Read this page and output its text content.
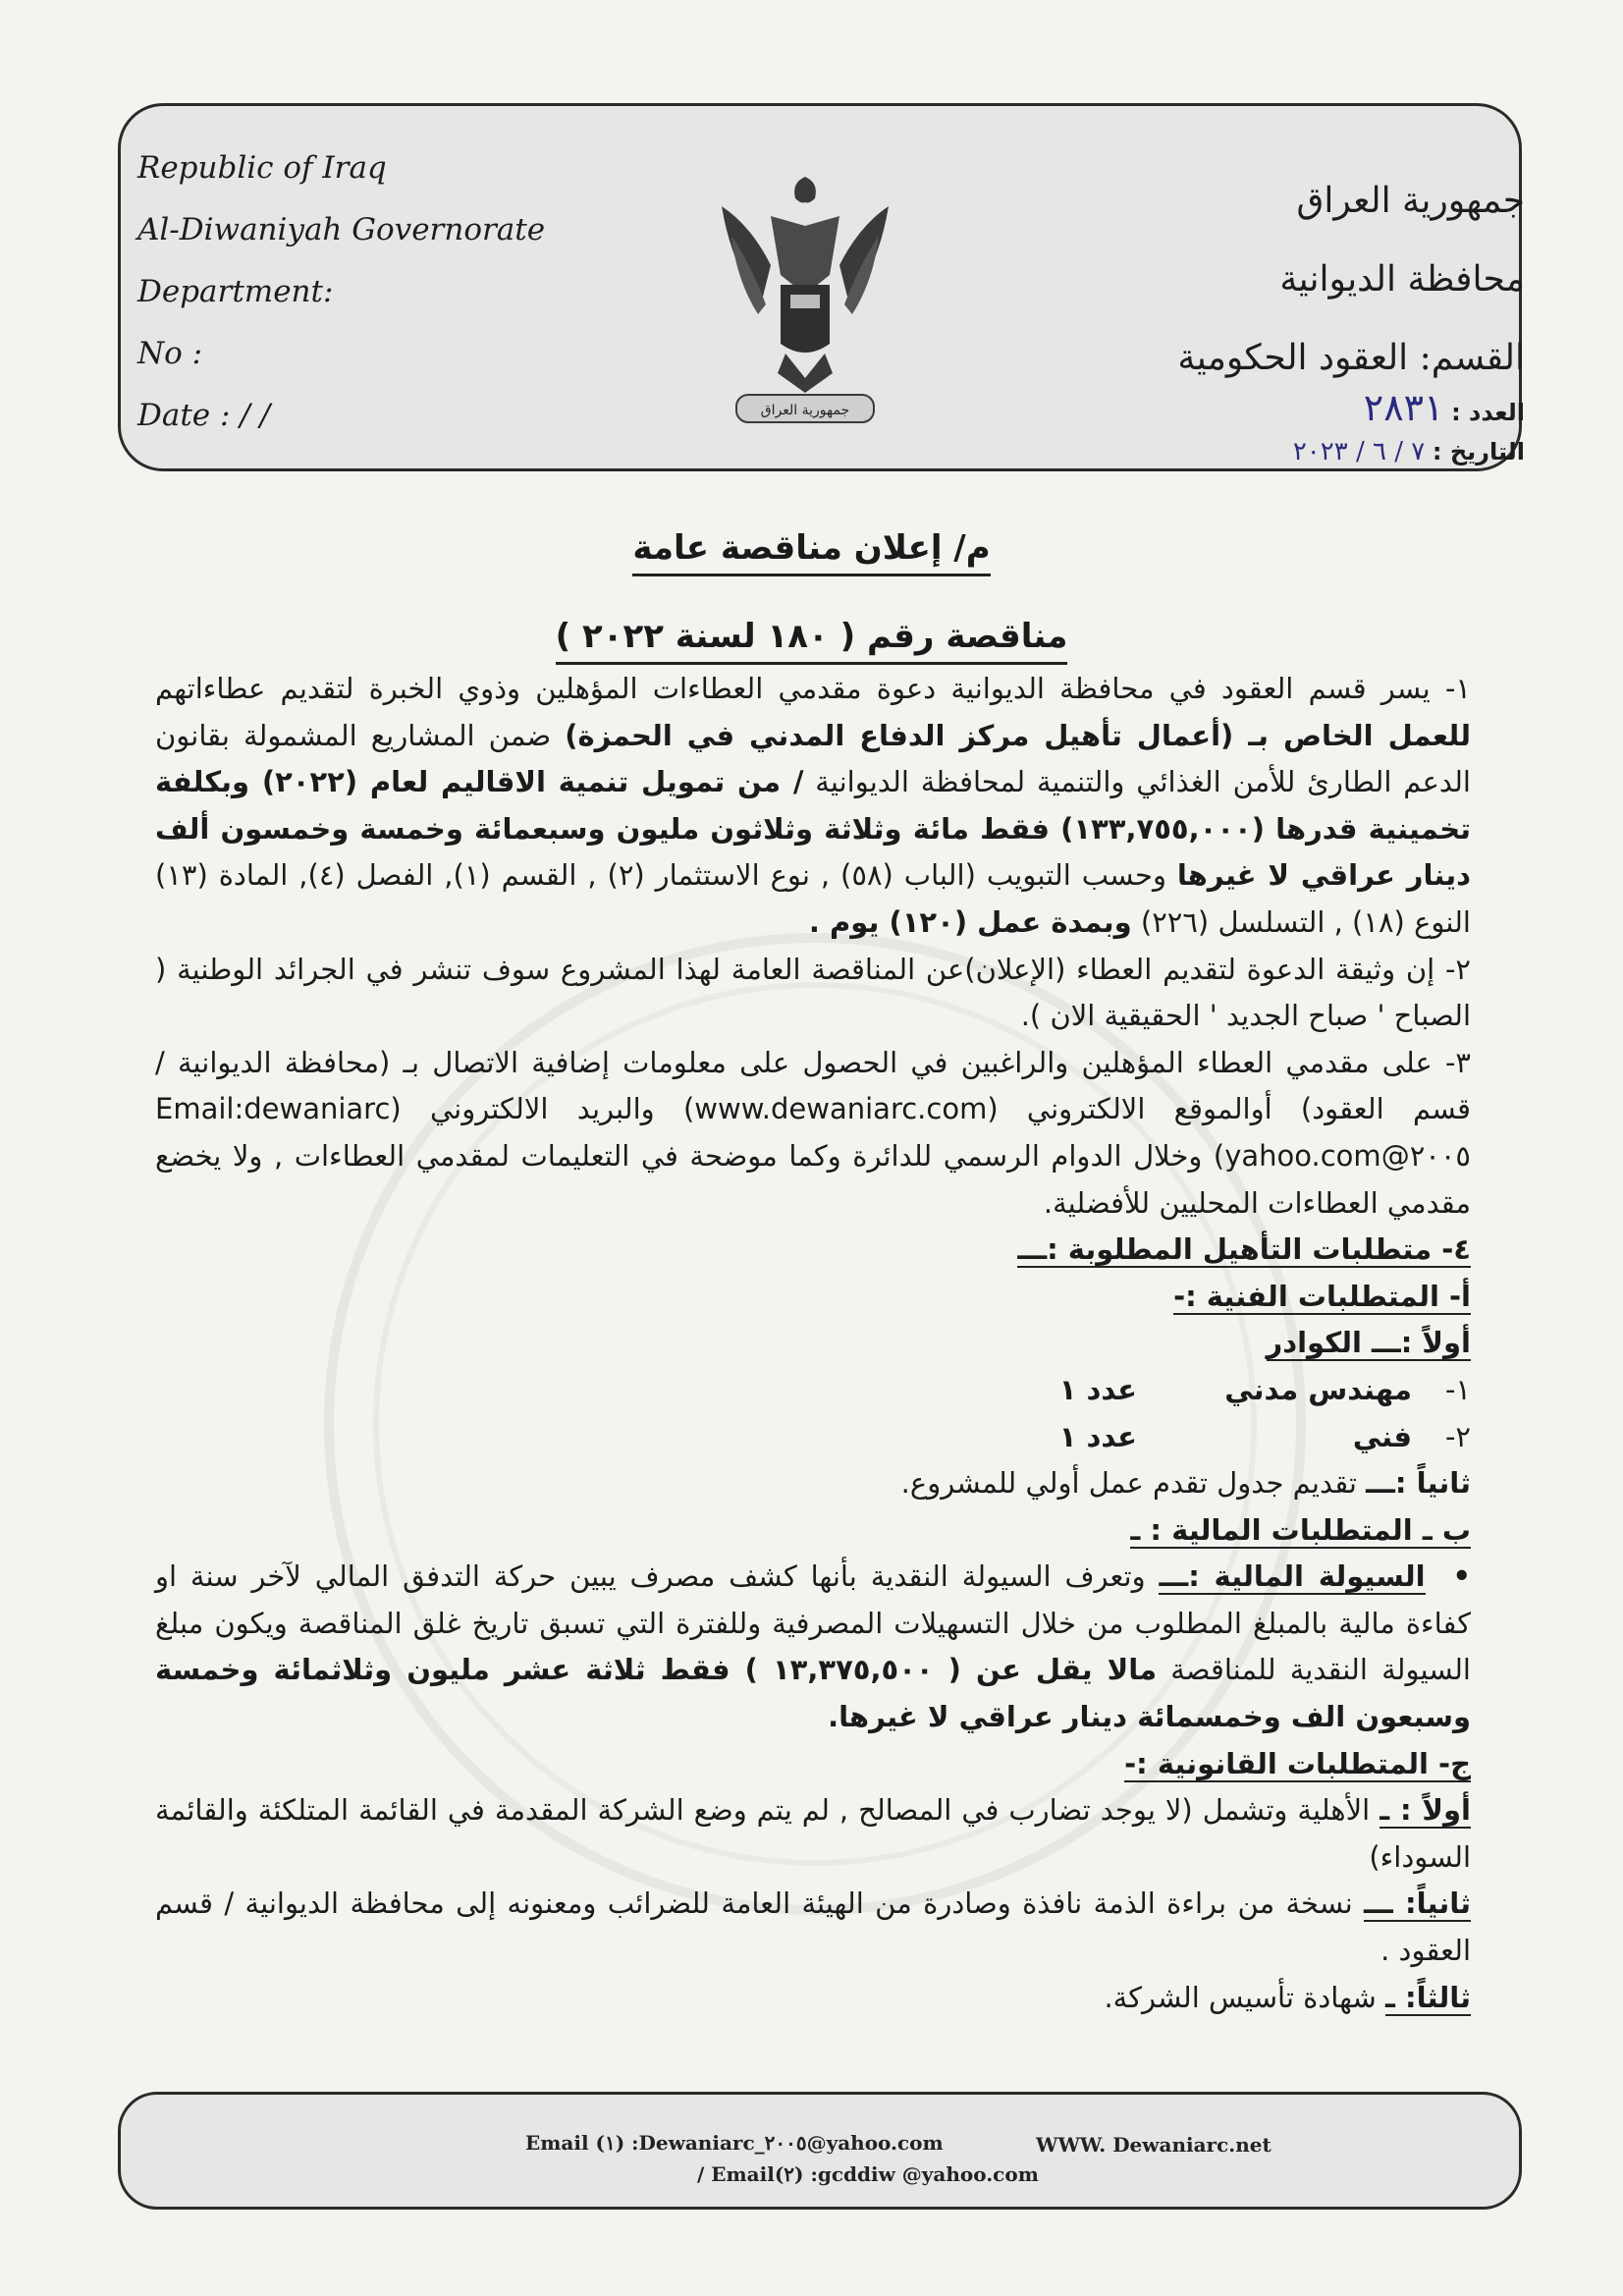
Republic of Iraq
Al-Diwaniyah Governorate
Department:
No :
Date : / /	جمهورية العراق
جمهورية العراق
محافظة الديوانية
القسم: العقود الحكومية
العدد : ٢٨٣١
التاريخ : ٧ / ٦ / ٢٠٢٣
م/ إعلان مناقصة عامة
مناقصة رقم ( ١٨٠ لسنة ٢٠٢٢ )

١- يسر قسم العقود في محافظة الديوانية دعوة مقدمي العطاءات المؤهلين وذوي الخبرة لتقديم عطاءاتهم للعمل الخاص بـ (أعمال تأهيل مركز الدفاع المدني في الحمزة) ضمن المشاريع المشمولة بقانون الدعم الطارئ للأمن الغذائي والتنمية لمحافظة الديوانية / من تمويل تنمية الاقاليم لعام (٢٠٢٢) وبكلفة تخمينية قدرها (١٣٣,٧٥٥,٠٠٠) فقط مائة وثلاثة وثلاثون مليون وسبعمائة وخمسة وخمسون ألف دينار عراقي لا غيرها وحسب التبويب (الباب (٥٨) , نوع الاستثمار (٢) , القسم (١), الفصل (٤), المادة (١٣) النوع (١٨) , التسلسل (٢٢٦) وبمدة عمل (١٢٠) يوم .

٢- إن وثيقة الدعوة لتقديم العطاء (الإعلان)عن المناقصة العامة لهذا المشروع سوف تنشر في الجرائد الوطنية ( الصباح ' صباح الجديد ' الحقيقية الان ).

٣- على مقدمي العطاء المؤهلين والراغبين في الحصول على معلومات إضافية الاتصال بـ (محافظة الديوانية / قسم العقود) أوالموقع الالكتروني (www.dewaniarc.com) والبريد الالكتروني (Email:dewaniarc ٢٠٠٥@yahoo.com) وخلال الدوام الرسمي للدائرة وكما موضحة في التعليمات لمقدمي العطاءات , ولا يخضع مقدمي العطاءات المحليين للأفضلية.

٤- متطلبات التأهيل المطلوبة :ـــ

أ- المتطلبات الفنية :-

أولاً :ـــ الكوادر

١-
مهندس مدني
عدد ١
٢-
فني
عدد ١

ثانياً :ـــ تقديم جدول تقدم عمل أولي للمشروع.

ب ـ المتطلبات المالية : ـ

• السيولة المالية :ـــ وتعرف السيولة النقدية بأنها كشف مصرف يبين حركة التدفق المالي لآخر سنة او كفاءة مالية بالمبلغ المطلوب من خلال التسهيلات المصرفية وللفترة التي تسبق تاريخ غلق المناقصة ويكون مبلغ السيولة النقدية للمناقصة مالا يقل عن ( ١٣,٣٧٥,٥٠٠ ) فقط ثلاثة عشر مليون وثلاثمائة وخمسة وسبعون الف وخمسمائة دينار عراقي لا غيرها.

ج- المتطلبات القانونية :-

أولاً : ـ الأهلية وتشمل (لا يوجد تضارب في المصالح , لم يتم وضع الشركة المقدمة في القائمة المتلكئة والقائمة السوداء)

ثانياً: ـــ نسخة من براءة الذمة نافذة وصادرة من الهيئة العامة للضرائب ومعنونه إلى محافظة الديوانية / قسم العقود .

ثالثاً: ـ شهادة تأسيس الشركة.

Email (١) :Dewaniarc_٢٠٠٥@yahoo.com	WWW. Dewaniarc.net
/ Email(٢) :gcddiw @yahoo.com
